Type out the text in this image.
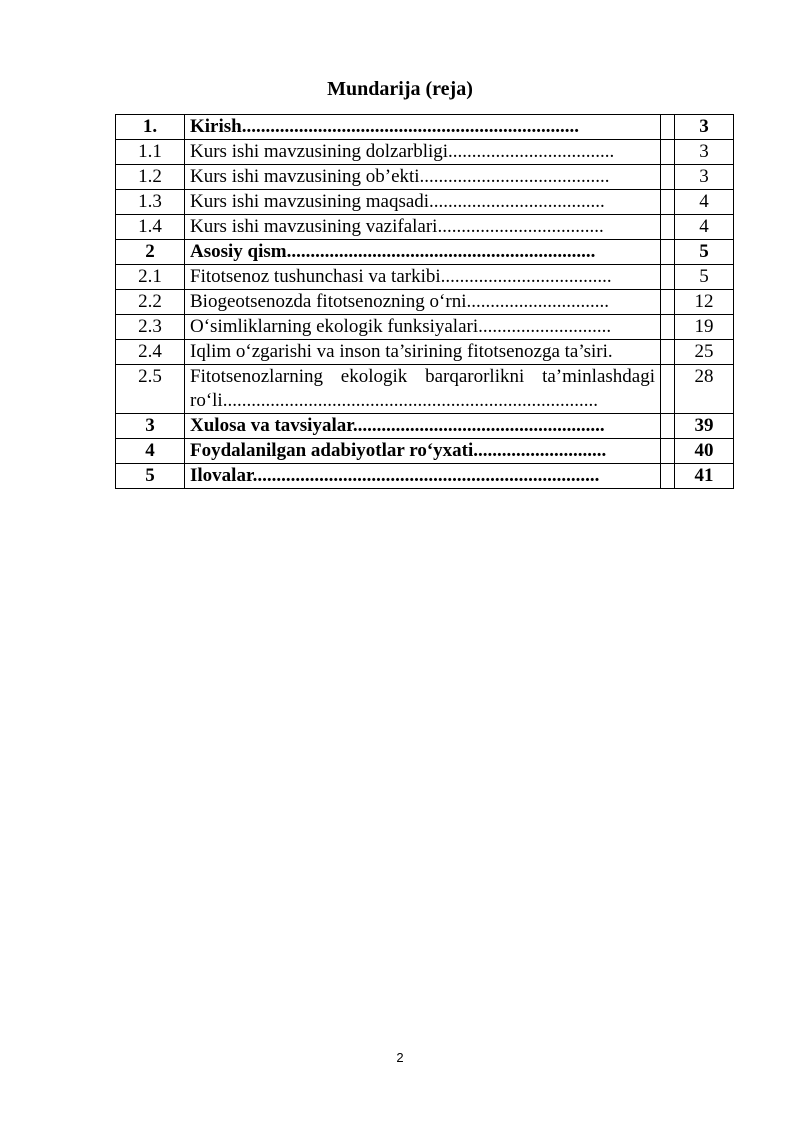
Mundarija (reja)
1.	Kirish.......................................................................		3
1.1	Kurs ishi mavzusining dolzarbligi...................................		3
1.2	Kurs ishi mavzusining ob’ekti........................................		3
1.3	Kurs ishi mavzusining maqsadi.....................................		4
1.4	Kurs ishi mavzusining vazifalari...................................		4
2	Asosiy qism.................................................................		5
2.1	Fitotsenoz tushunchasi va tarkibi....................................		5
2.2	Biogeotsenozda fitotsenozning o‘rni..............................		12
2.3	O‘simliklarning ekologik funksiyalari............................		19
2.4	Iqlim o‘zgarishi va inson ta’sirining fitotsenozga ta’siri.		25
2.5	Fitotsenozlarning ekologik barqarorlikni ta’minlashdagi ro‘li...............................................................................		28
3	Xulosa va tavsiyalar.....................................................		39
4	Foydalanilgan adabiyotlar ro‘yxati............................		40
5	Ilovalar.........................................................................		41
2
